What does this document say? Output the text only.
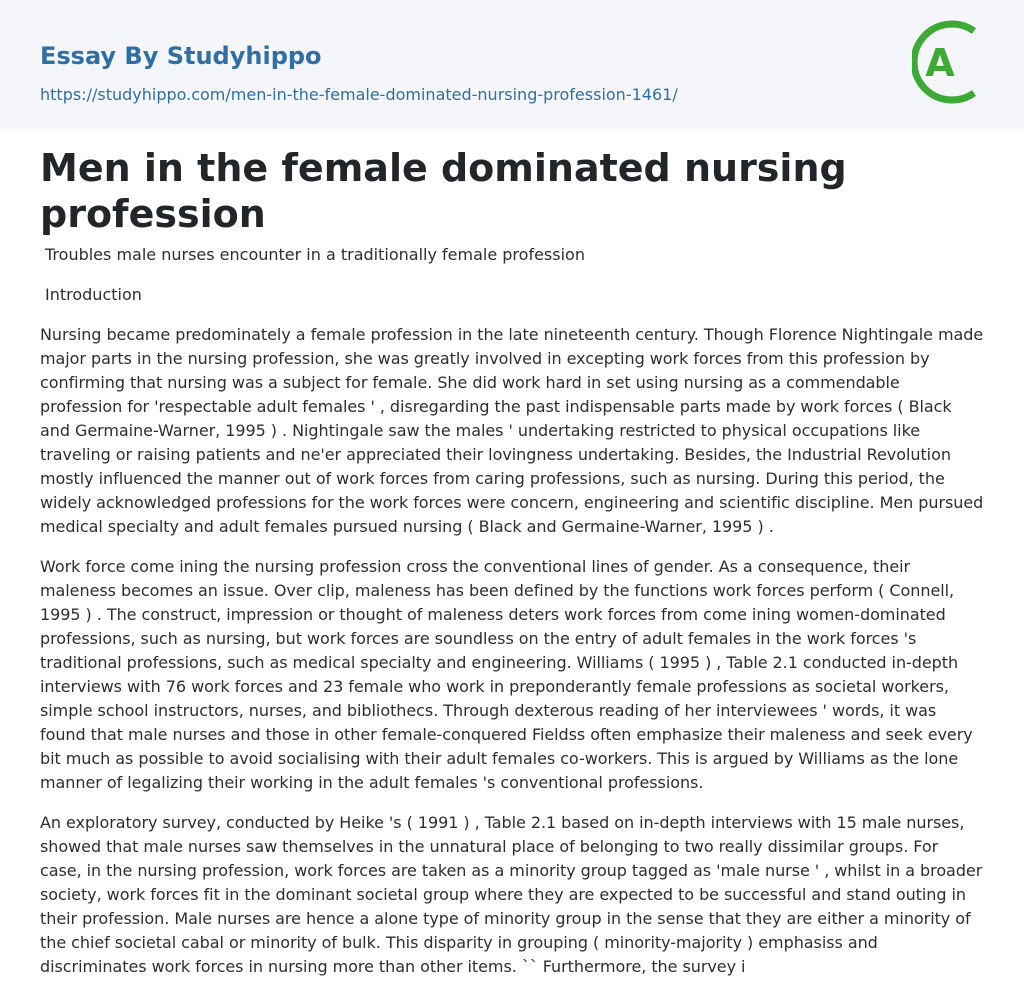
Essay By Studyhippo
https://studyhippo.com/men-in-the-female-dominated-nursing-profession-1461/
A
Men in the female dominated nursing profession

Troubles male nurses encounter in a traditionally female profession

Introduction

Nursing became predominately a female profession in the late nineteenth century. Though Florence Nightingale made major parts in the nursing profession, she was greatly involved in excepting work forces from this profession by confirming that nursing was a subject for female. She did work hard in set using nursing as a commendable profession for 'respectable adult females ' , disregarding the past indispensable parts made by work forces ( Black and Germaine-Warner, 1995 ) . Nightingale saw the males ' undertaking restricted to physical occupations like traveling or raising patients and ne'er appreciated their lovingness undertaking. Besides, the Industrial Revolution mostly influenced the manner out of work forces from caring professions, such as nursing. During this period, the widely acknowledged professions for the work forces were concern, engineering and scientific discipline. Men pursued medical specialty and adult females pursued nursing ( Black and Germaine-Warner, 1995 ) .

Work force come ining the nursing profession cross the conventional lines of gender. As a consequence, their maleness becomes an issue. Over clip, maleness has been defined by the functions work forces perform ( Connell, 1995 ) . The construct, impression or thought of maleness deters work forces from come ining women-dominated professions, such as nursing, but work forces are soundless on the entry of adult females in the work forces 's traditional professions, such as medical specialty and engineering. Williams ( 1995 ) , Table 2.1 conducted in-depth interviews with 76 work forces and 23 female who work in preponderantly female professions as societal workers, simple school instructors, nurses, and bibliothecs. Through dexterous reading of her interviewees ' words, it was found that male nurses and those in other female-conquered Fieldss often emphasize their maleness and seek every bit much as possible to avoid socialising with their adult females co-workers. This is argued by Williams as the lone manner of legalizing their working in the adult females 's conventional professions.

An exploratory survey, conducted by Heike 's ( 1991 ) , Table 2.1 based on in-depth interviews with 15 male nurses, showed that male nurses saw themselves in the unnatural place of belonging to two really dissimilar groups. For case, in the nursing profession, work forces are taken as a minority group tagged as 'male nurse ' , whilst in a broader society, work forces fit in the dominant societal group where they are expected to be successful and stand outing in their profession. Male nurses are hence a alone type of minority group in the sense that they are either a minority of the chief societal cabal or minority of bulk. This disparity in grouping ( minority-majority ) emphasiss and discriminates work forces in nursing more than other items. `` Furthermore, the survey i
